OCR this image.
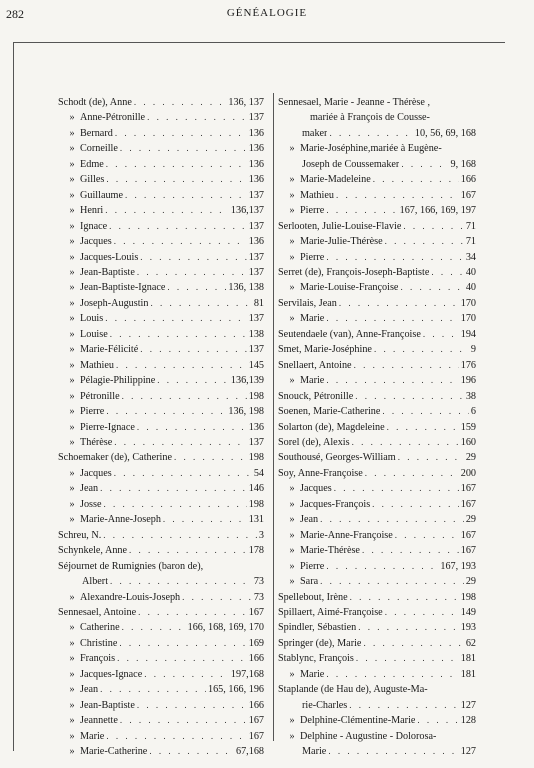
282	GÉNÉALOGIE
Schodt (de), Anne . . .	136, 137
» Anne-Pétronille . . .	137
» Bernard . . .	136
» Corneille . . .	136
» Edme . . .	136
» Gilles . . .	136
» Guillaume . . .	137
» Henri . . .	136,137
» Ignace . . .	137
» Jacques . . .	136
» Jacques-Louis . . .	137
» Jean-Baptiste . . .	137
» Jean-Baptiste-Ignace . . .	136, 138
» Joseph-Augustin . . .	81
» Louis . . .	137
» Louise . . .	138
» Marie-Félicité . . .	137
» Mathieu . . .	145
» Pélagie-Philippine . . .	136,139
» Pétronille . . .	198
» Pierre . . .	136, 198
» Pierre-Ignace . . .	136
» Thérèse . . .	137
Schoemaker (de), Catherine . . .	198
» Jacques . . .	54
» Jean . . .	146
» Josse . . .	198
» Marie-Anne-Joseph . . .	131
Schreu, N. . . .	3
Schynkele, Anne . . .	178
Séjournet de Rumignies (baron de),
Albert . . .	73
» Alexandre-Louis-Joseph . . .	73
Sennesael, Antoine . . .	167
» Catherine . . .	166, 168, 169, 170
» Christine . . .	169
» François . . .	166
» Jacques-Ignace . . .	197,168
» Jean . . .	165, 166, 196
» Jean-Baptiste . . .	166
» Jeannette . . .	167
» Marie . . .	167
» Marie-Catherine . . .	67,168
Sennesael, Marie - Jeanne - Thérèse ,
mariée à François de Cousse-
maker . . .	10, 56, 69, 168
» Marie-Joséphine,mariée à Eugène-
Joseph de Coussemaker . . .	9, 168
» Marie-Madeleine . . .	166
» Mathieu . . .	167
» Pierre . . .	167, 166, 169, 197
Serlooten, Julie-Louise-Flavie . . .	71
» Marie-Julie-Thérèse . . .	71
» Pierre . . .	34
Serret (de), François-Joseph-Baptiste . . .	40
» Marie-Louise-Françoise . . .	40
Servilais, Jean . . .	170
» Marie . . .	170
Seutendaele (van), Anne-Françoise . . .	194
Smet, Marie-Joséphine . . .	9
Snellaert, Antoine . . .	176
» Marie . . .	196
Snouck, Pétronille . . .	38
Soenen, Marie-Catherine . . .	6
Solarton (de), Magdeleine . . .	159
Sorel (de), Alexis . . .	160
Southousé, Georges-William . . .	29
Soy, Anne-Françoise . . .	200
» Jacques . . .	167
» Jacques-François . . .	167
» Jean . . .	29
» Marie-Anne-Françoise . . .	167
» Marie-Thérèse . . .	167
» Pierre . . .	167, 193
» Sara . . .	29
Spellebout, Irène . . .	198
Spillaert, Aimé-Françoise . . .	149
Spindler, Sébastien . . .	193
Springer (de), Marie . . .	62
Stablync, François . . .	181
» Marie . . .	181
Staplande (de Hau de), Auguste-Ma-
rie-Charles . . .	127
» Delphine-Clémentine-Marie . . .	128
» Delphine - Augustine - Dolorosa-
Marie . . .	127
